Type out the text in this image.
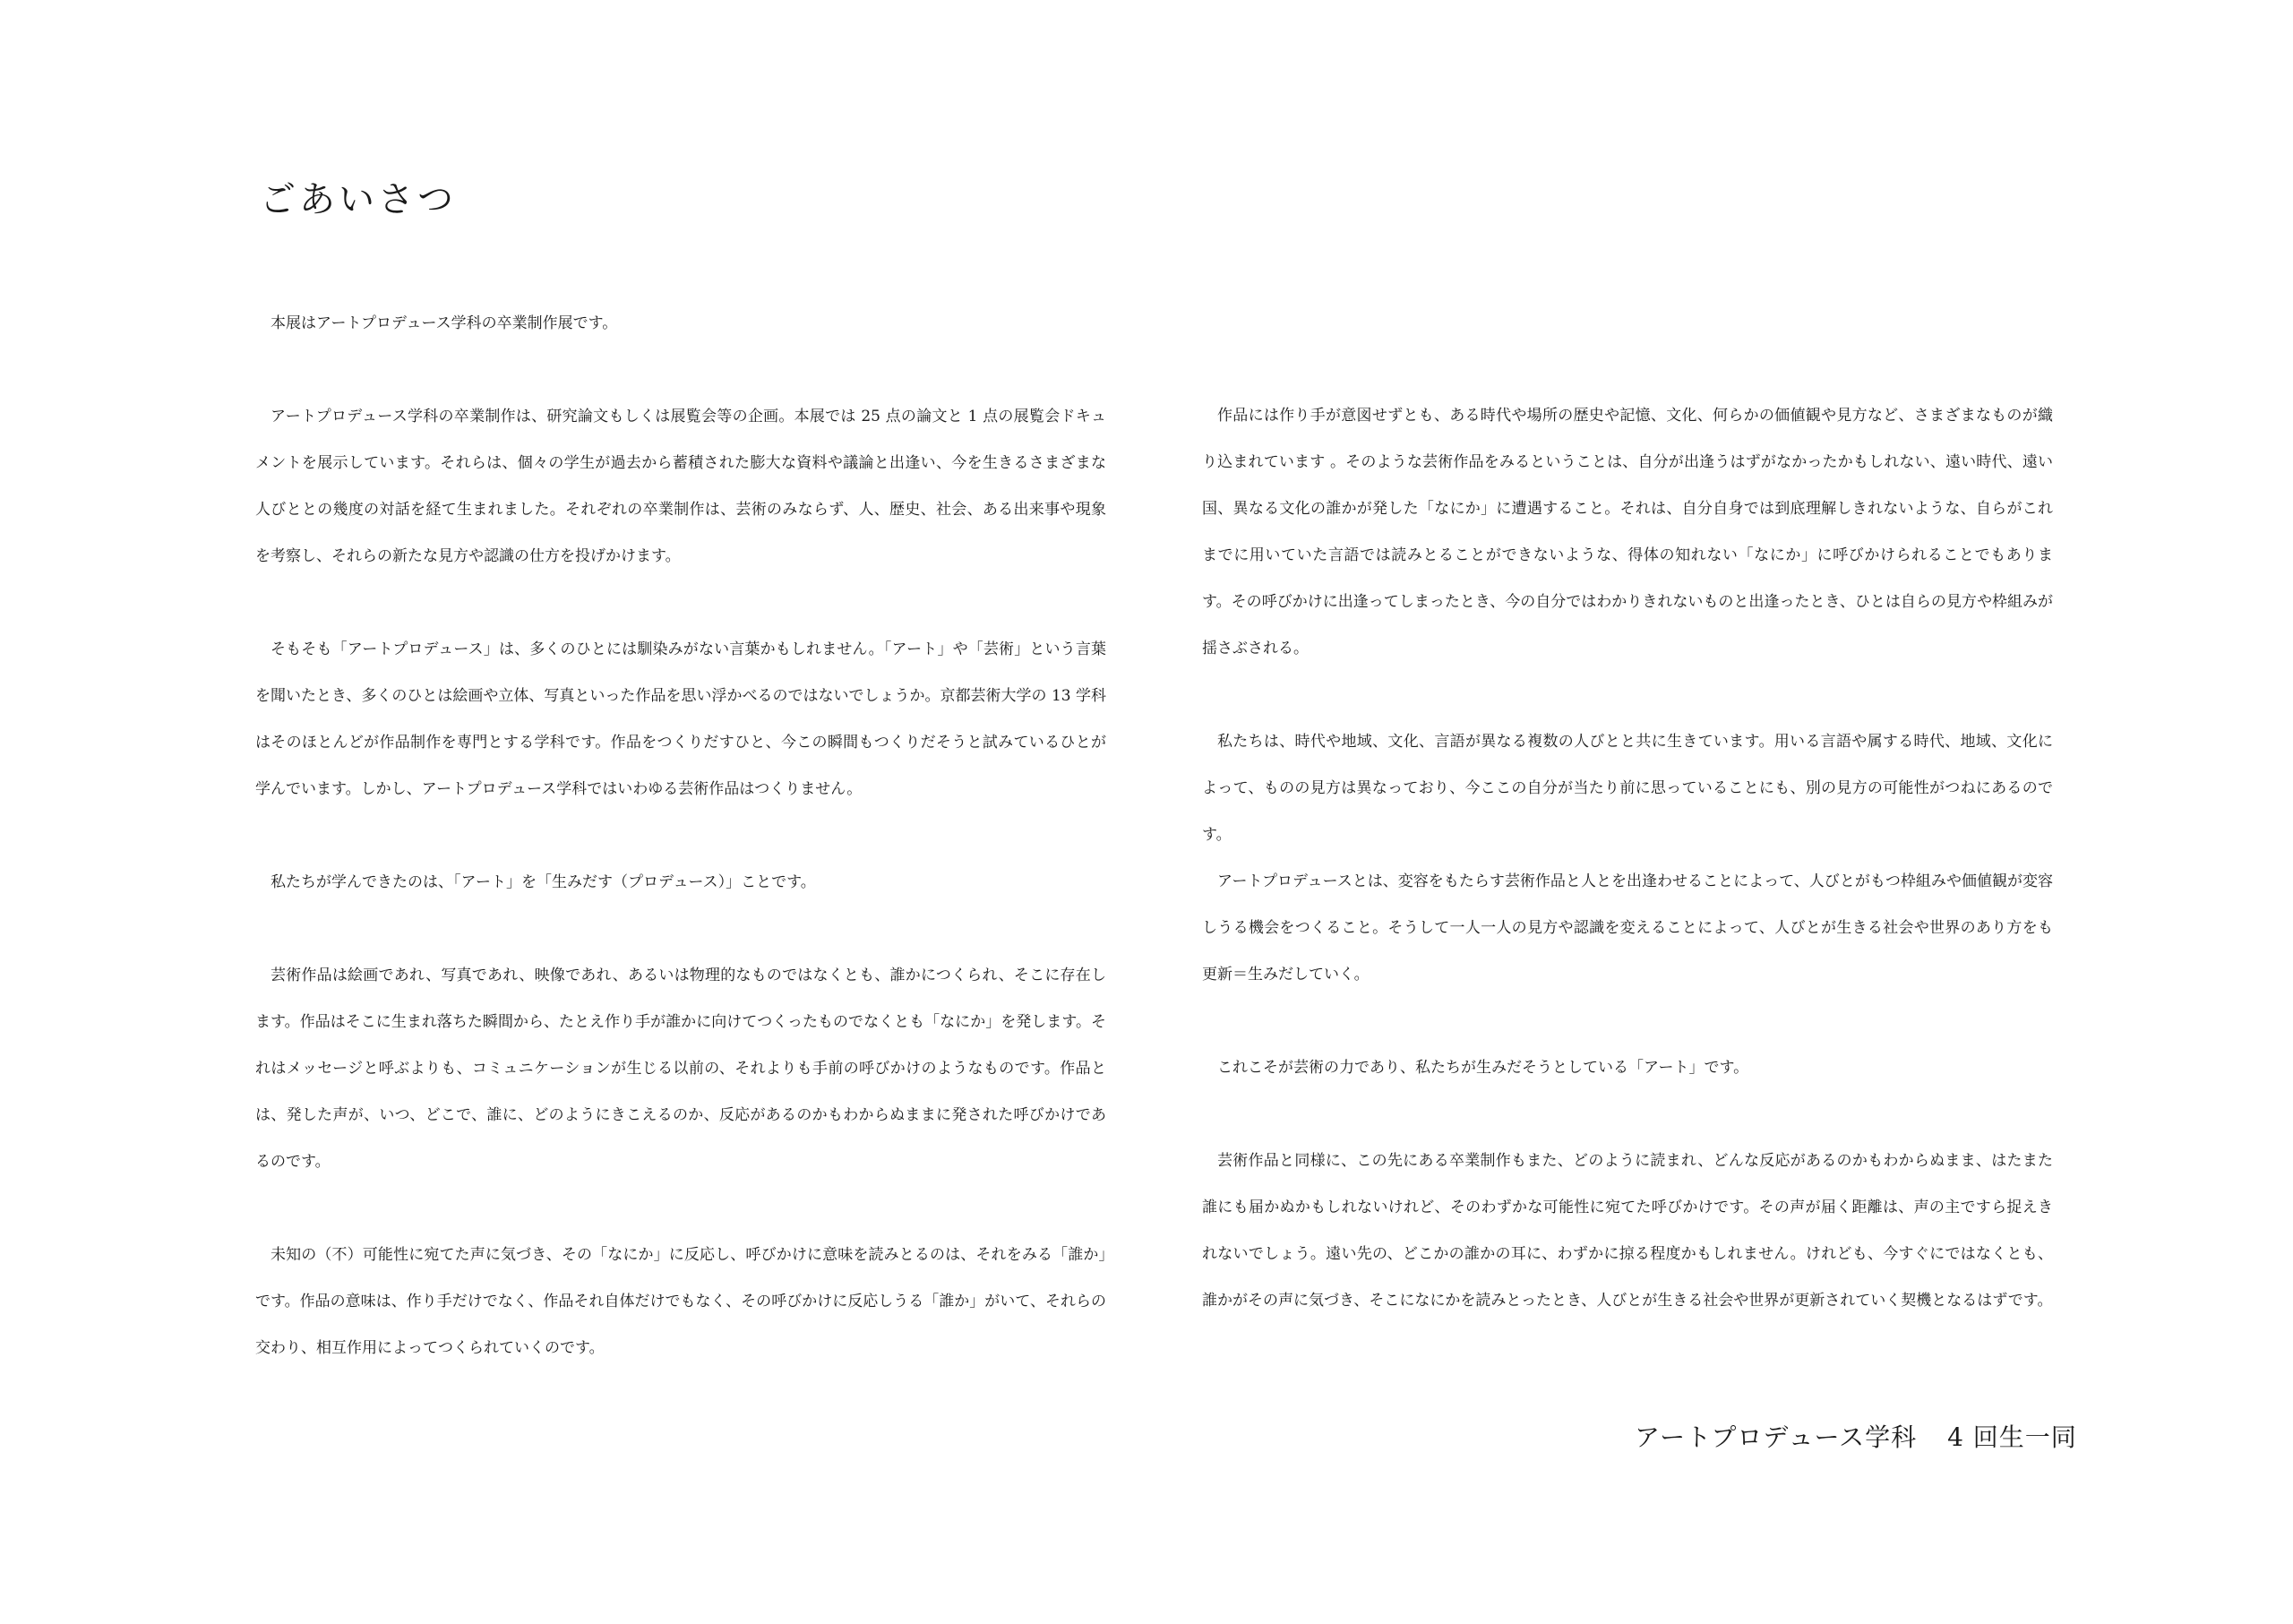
ごあいさつ

本展はアートプロデュース学科の卒業制作展です。

アートプロデュース学科の卒業制作は、研究論文もしくは展覧会等の企画。本展では 25 点の論文と 1 点の展覧会ドキュメントを展示しています。それらは、個々の学生が過去から蓄積された膨大な資料や議論と出逢い、今を生きるさまざまな人びととの幾度の対話を経て生まれました。それぞれの卒業制作は、芸術のみならず、人、歴史、社会、ある出来事や現象を考察し、それらの新たな見方や認識の仕方を投げかけます。

そもそも「アートプロデュース」は、多くのひとには馴染みがない言葉かもしれません。「アート」や「芸術」という言葉を聞いたとき、多くのひとは絵画や立体、写真といった作品を思い浮かべるのではないでしょうか。京都芸術大学の 13 学科はそのほとんどが作品制作を専門とする学科です。作品をつくりだすひと、今この瞬間もつくりだそうと試みているひとが学んでいます。しかし、アートプロデュース学科ではいわゆる芸術作品はつくりません。

私たちが学んできたのは、「アート」を「生みだす（プロデュース）」ことです。

芸術作品は絵画であれ、写真であれ、映像であれ、あるいは物理的なものではなくとも、誰かにつくられ、そこに存在します。作品はそこに生まれ落ちた瞬間から、たとえ作り手が誰かに向けてつくったものでなくとも「なにか」を発します。それはメッセージと呼ぶよりも、コミュニケーションが生じる以前の、それよりも手前の呼びかけのようなものです。作品とは、発した声が、いつ、どこで、誰に、どのようにきこえるのか、反応があるのかもわからぬままに発された呼びかけであるのです。

未知の（不）可能性に宛てた声に気づき、その「なにか」に反応し、呼びかけに意味を読みとるのは、それをみる「誰か」です。作品の意味は、作り手だけでなく、作品それ自体だけでもなく、その呼びかけに反応しうる「誰か」がいて、それらの交わり、相互作用によってつくられていくのです。

作品には作り手が意図せずとも、ある時代や場所の歴史や記憶、文化、何らかの価値観や見方など、さまざまなものが織り込まれています 。そのような芸術作品をみるということは、自分が出逢うはずがなかったかもしれない、遠い時代、遠い国、異なる文化の誰かが発した「なにか」に遭遇すること。それは、自分自身では到底理解しきれないような、自らがこれまでに用いていた言語では読みとることができないような、得体の知れない「なにか」に呼びかけられることでもあります。その呼びかけに出逢ってしまったとき、今の自分ではわかりきれないものと出逢ったとき、ひとは自らの見方や枠組みが揺さぶされる。

私たちは、時代や地域、文化、言語が異なる複数の人びとと共に生きています。用いる言語や属する時代、地域、文化によって、ものの見方は異なっており、今ここの自分が当たり前に思っていることにも、別の見方の可能性がつねにあるのです。

アートプロデュースとは、変容をもたらす芸術作品と人とを出逢わせることによって、人びとがもつ枠組みや価値観が変容しうる機会をつくること。そうして一人一人の見方や認識を変えることによって、人びとが生きる社会や世界のあり方をも更新＝生みだしていく。

これこそが芸術の力であり、私たちが生みだそうとしている「アート」です。

芸術作品と同様に、この先にある卒業制作もまた、どのように読まれ、どんな反応があるのかもわからぬまま、はたまた誰にも届かぬかもしれないけれど、そのわずかな可能性に宛てた呼びかけです。その声が届く距離は、声の主ですら捉えきれないでしょう。遠い先の、どこかの誰かの耳に、わずかに掠る程度かもしれません。けれども、今すぐにではなくとも、誰かがその声に気づき、そこになにかを読みとったとき、人びとが生きる社会や世界が更新されていく契機となるはずです。

アートプロデュース学科 4 回生一同
